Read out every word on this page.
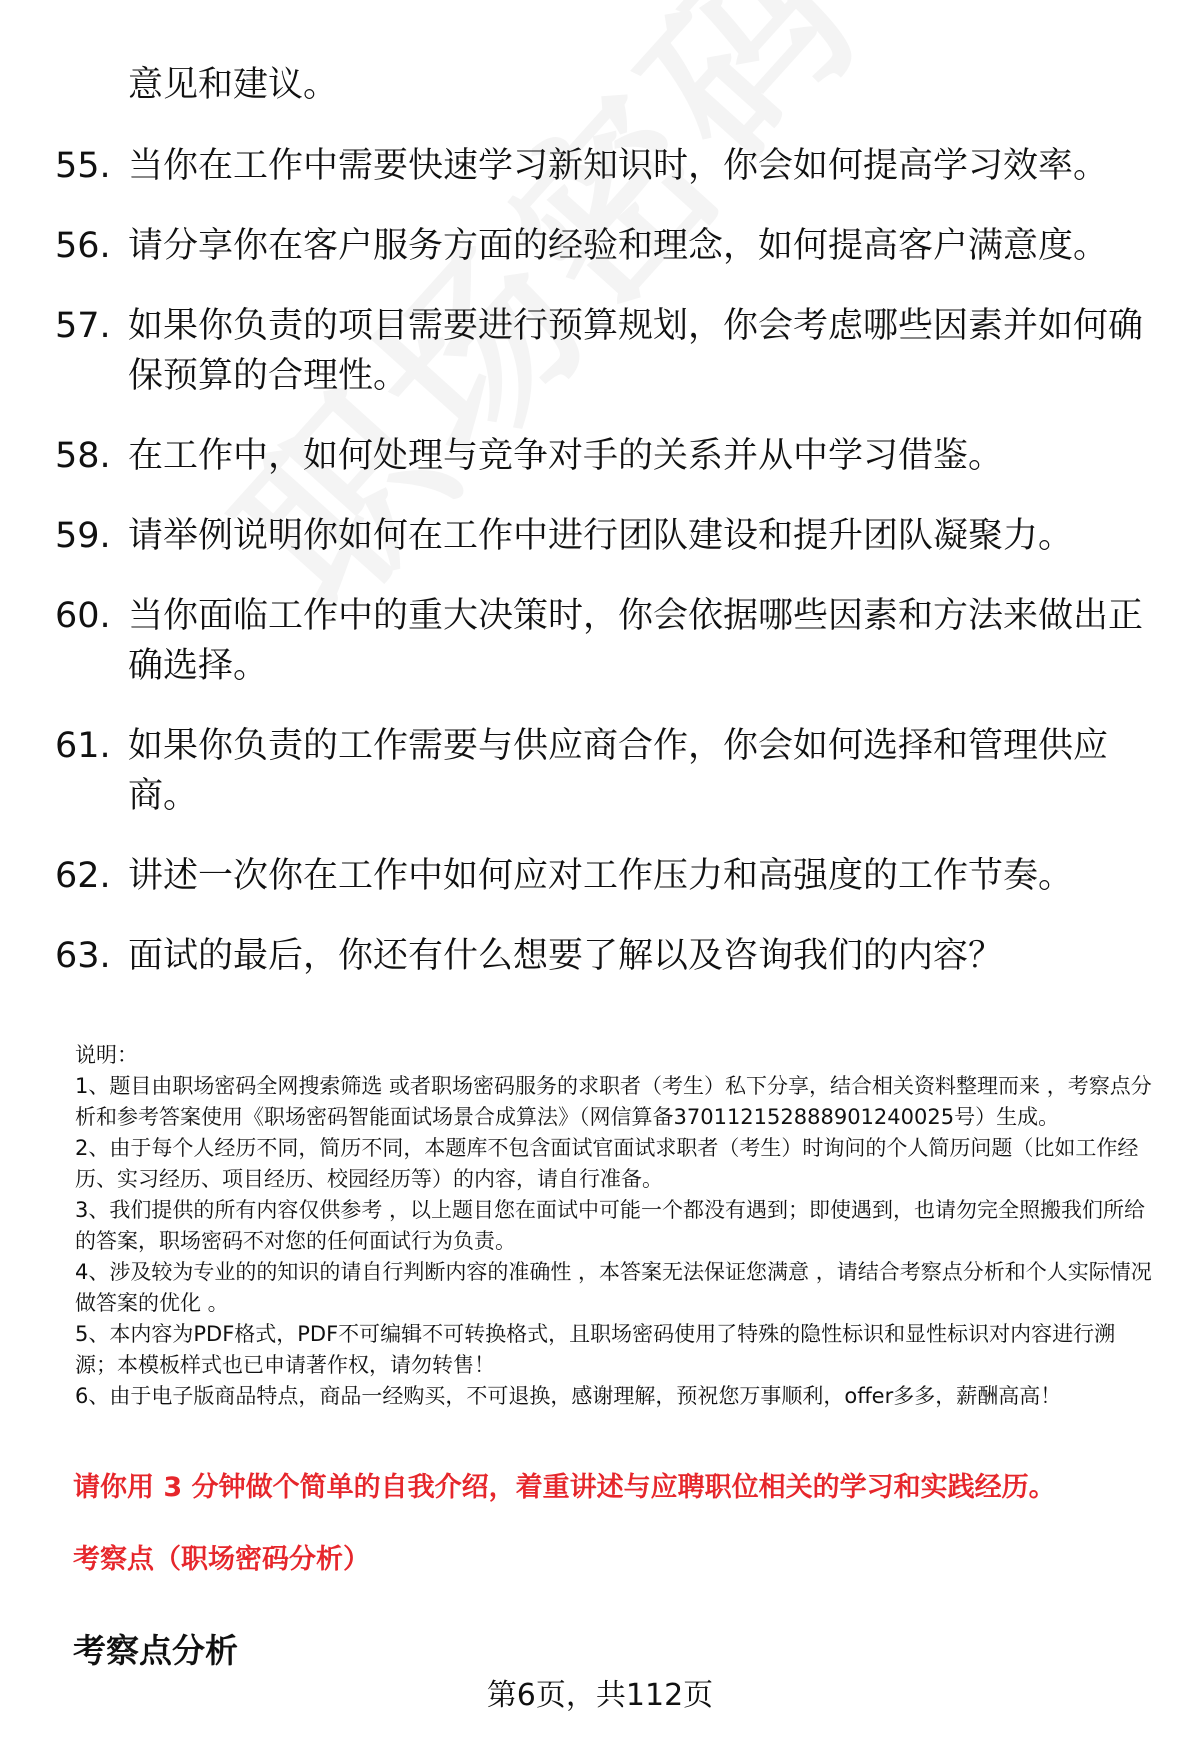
意见和建议。
55. 当你在工作中需要快速学习新知识时，你会如何提高学习效率。
56. 请分享你在客户服务方面的经验和理念，如何提高客户满意度。
57. 如果你负责的项目需要进行预算规划，你会考虑哪些因素并如何确保预算的合理性。
58. 在工作中，如何处理与竞争对手的关系并从中学习借鉴。
59. 请举例说明你如何在工作中进行团队建设和提升团队凝聚力。
60. 当你面临工作中的重大决策时，你会依据哪些因素和方法来做出正确选择。
61. 如果你负责的工作需要与供应商合作，你会如何选择和管理供应商。
62. 讲述一次你在工作中如何应对工作压力和高强度的工作节奏。
63. 面试的最后，你还有什么想要了解以及咨询我们的内容？

说明：

1、题目由职场密码全网搜索筛选 或者职场密码服务的求职者（考生）私下分享，结合相关资料整理而来 ，考察点分析和参考答案使用《职场密码智能面试场景合成算法》（网信算备370112152888901240025号）生成。

2、由于每个人经历不同，简历不同，本题库不包含面试官面试求职者（考生）时询问的个人简历问题（比如工作经历、实习经历、项目经历、校园经历等）的内容，请自行准备。

3、我们提供的所有内容仅供参考 ，以上题目您在面试中可能一个都没有遇到；即使遇到，也请勿完全照搬我们所给的答案，职场密码不对您的任何面试行为负责。

4、涉及较为专业的的知识的请自行判断内容的准确性 ，本答案无法保证您满意 ，请结合考察点分析和个人实际情况做答案的优化 。

5、本内容为PDF格式，PDF不可编辑不可转换格式，且职场密码使用了特殊的隐性标识和显性标识对内容进行溯源；本模板样式也已申请著作权，请勿转售！

6、由于电子版商品特点，商品一经购买，不可退换，感谢理解，预祝您万事顺利，offer多多，薪酬高高！

请你用 3 分钟做个简单的自我介绍，着重讲述与应聘职位相关的学习和实践经历。
考察点（职场密码分析）
考察点分析
第6页，共112页
